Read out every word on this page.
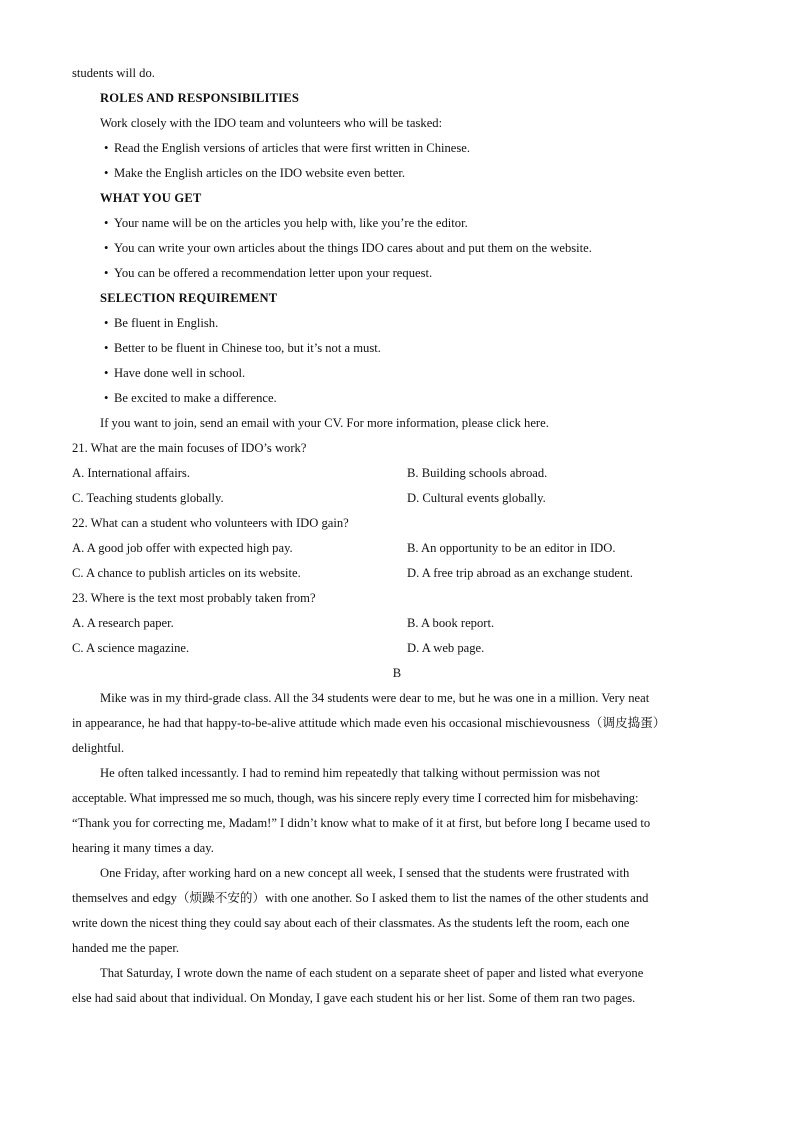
students will do.
ROLES AND RESPONSIBILITIES
Work closely with the IDO team and volunteers who will be tasked:
• Read the English versions of articles that were first written in Chinese.
• Make the English articles on the IDO website even better.
WHAT YOU GET
• Your name will be on the articles you help with, like you’re the editor.
• You can write your own articles about the things IDO cares about and put them on the website.
• You can be offered a recommendation letter upon your request.
SELECTION REQUIREMENT
• Be fluent in English.
• Better to be fluent in Chinese too, but it’s not a must.
• Have done well in school.
• Be excited to make a difference.
If you want to join, send an email with your CV. For more information, please click here.
21. What are the main focuses of IDO’s work?
A. International affairs.	B. Building schools abroad.
C. Teaching students globally.	D. Cultural events globally.
22. What can a student who volunteers with IDO gain?
A. A good job offer with expected high pay.	B. An opportunity to be an editor in IDO.
C. A chance to publish articles on its website.	D. A free trip abroad as an exchange student.
23. Where is the text most probably taken from?
A. A research paper.	B. A book report.
C. A science magazine.	D. A web page.
B
Mike was in my third-grade class. All the 34 students were dear to me, but he was one in a million. Very neat
in appearance, he had that happy-to-be-alive attitude which made even his occasional mischievousness（调皮捣蛋）
delightful.
He often talked incessantly. I had to remind him repeatedly that talking without permission was not
acceptable. What impressed me so much, though, was his sincere reply every time I corrected him for misbehaving:
“Thank you for correcting me, Madam!” I didn’t know what to make of it at first, but before long I became used to
hearing it many times a day.
One Friday, after working hard on a new concept all week, I sensed that the students were frustrated with
themselves and edgy（烦躁不安的）with one another. So I asked them to list the names of the other students and
write down the nicest thing they could say about each of their classmates. As the students left the room, each one
handed me the paper.
That Saturday, I wrote down the name of each student on a separate sheet of paper and listed what everyone
else had said about that individual. On Monday, I gave each student his or her list. Some of them ran two pages.
